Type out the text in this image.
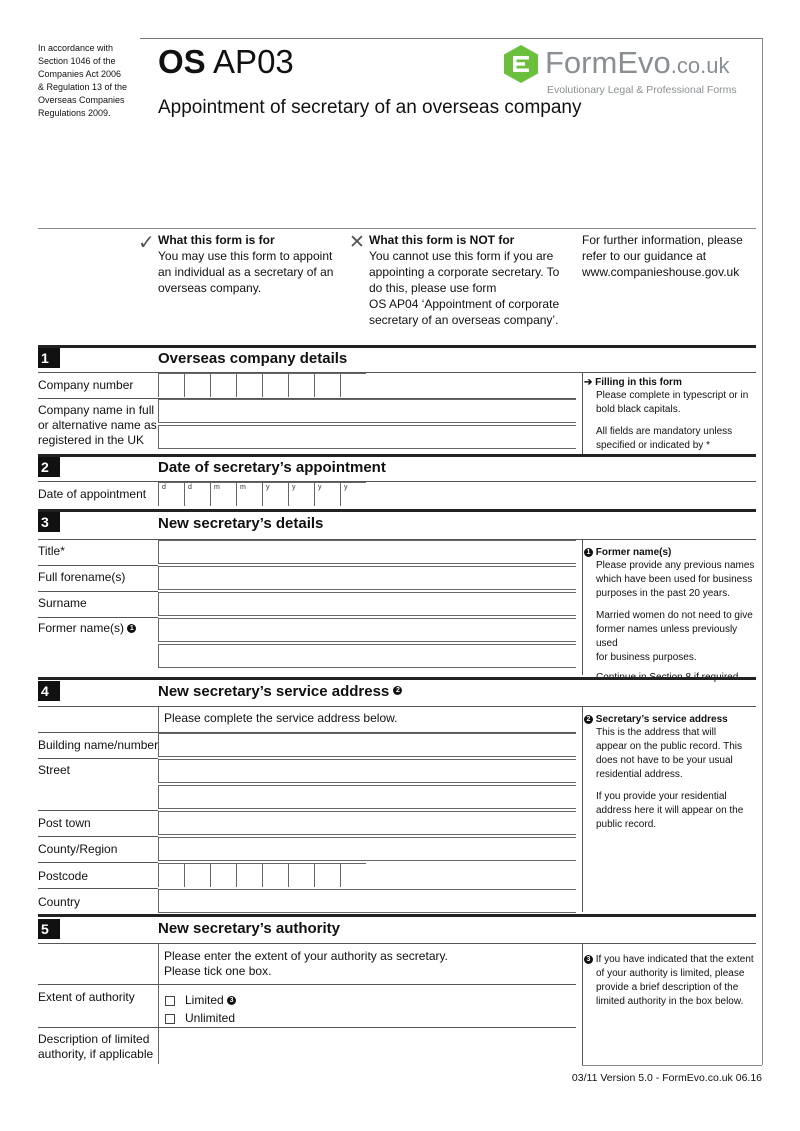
In accordance with
Section 1046 of the
Companies Act 2006
& Regulation 13 of the
Overseas Companies
Regulations 2009.
OS AP03
Appointment of secretary of an overseas company
FormEvo.co.uk
Evolutionary Legal & Professional Forms
✓ What this form is for
You may use this form to appoint
an individual as a secretary of an
overseas company.
✕ What this form is NOT for
You cannot use this form if you are
appointing a corporate secretary. To
do this, please use form
OS AP04 ‘Appointment of corporate
secretary of an overseas company’.
For further information, please
refer to our guidance at
www.companieshouse.gov.uk
1	Overseas company details
Company number
Company name in full
or alternative name as
registered in the UK
➔ Filling in this form
Please complete in typescript or in
bold black capitals.
All fields are mandatory unless
specified or indicated by *
2	Date of secretary’s appointment
Date of appointment	d	d	m	m	y	y	y	y
3	New secretary’s details
Title*
Full forename(s)
Surname
Former name(s) 1
1 Former name(s)
Please provide any previous names
which have been used for business
purposes in the past 20 years.
Married women do not need to give
former names unless previously used
for business purposes.
Continue in Section 8 if required.
4	New secretary’s service address 2
Please complete the service address below.
Building name/number
Street
Post town
County/Region
Postcode
Country
2 Secretary’s service address
This is the address that will
appear on the public record. This
does not have to be your usual
residential address.
If you provide your residential
address here it will appear on the
public record.
5	New secretary’s authority
Please enter the extent of your authority as secretary.
Please tick one box.
Extent of authority	Limited 3
Unlimited
Description of limited
authority, if applicable
3 If you have indicated that the extent
of your authority is limited, please
provide a brief description of the
limited authority in the box below.
03/11 Version 5.0 - FormEvo.co.uk 06.16
